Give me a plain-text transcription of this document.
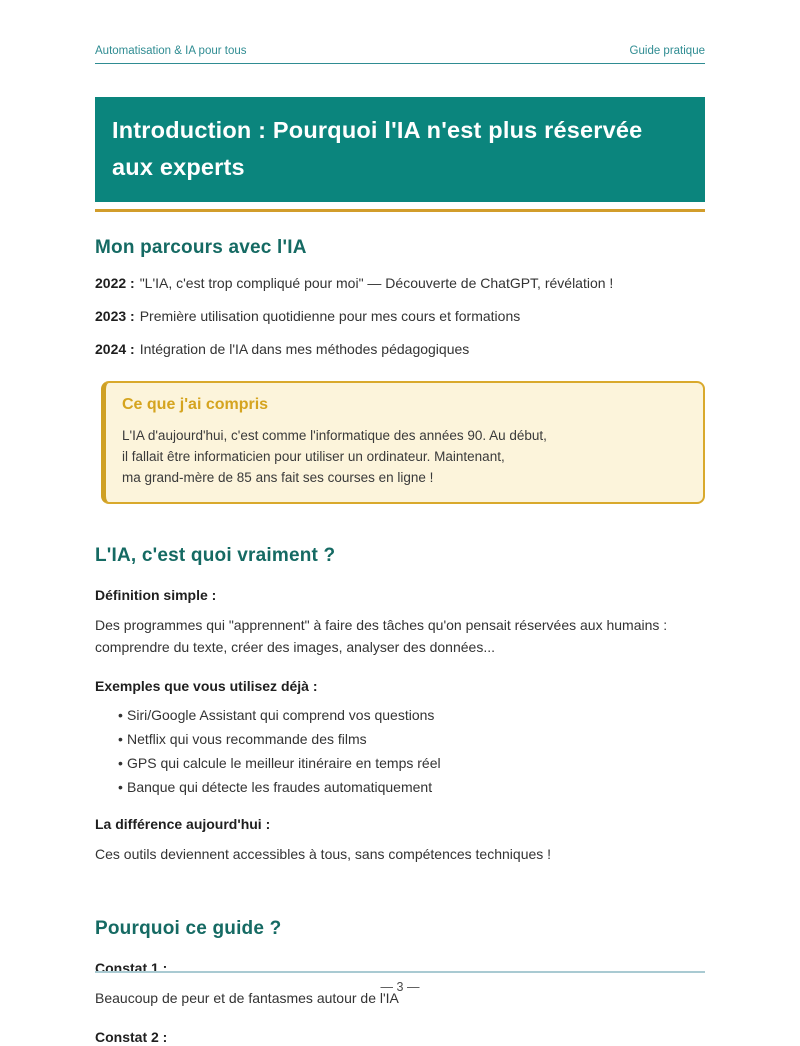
Automatisation & IA pour tous	Guide pratique
Introduction : Pourquoi l'IA n'est plus réservée aux experts
Mon parcours avec l'IA
2022 : "L'IA, c'est trop compliqué pour moi" — Découverte de ChatGPT, révélation !
2023 : Première utilisation quotidienne pour mes cours et formations
2024 : Intégration de l'IA dans mes méthodes pédagogiques
Ce que j'ai compris
L'IA d'aujourd'hui, c'est comme l'informatique des années 90. Au début,
il fallait être informaticien pour utiliser un ordinateur. Maintenant,
ma grand-mère de 85 ans fait ses courses en ligne !
L'IA, c'est quoi vraiment ?
Définition simple :
Des programmes qui "apprennent" à faire des tâches qu'on pensait réservées aux humains : comprendre du texte, créer des images, analyser des données...
Exemples que vous utilisez déjà :
• Siri/Google Assistant qui comprend vos questions
• Netflix qui vous recommande des films
• GPS qui calcule le meilleur itinéraire en temps réel
• Banque qui détecte les fraudes automatiquement
La différence aujourd'hui :
Ces outils deviennent accessibles à tous, sans compétences techniques !
Pourquoi ce guide ?
Constat 1 :
Beaucoup de peur et de fantasmes autour de l'IA
Constat 2 :
— 3 —
